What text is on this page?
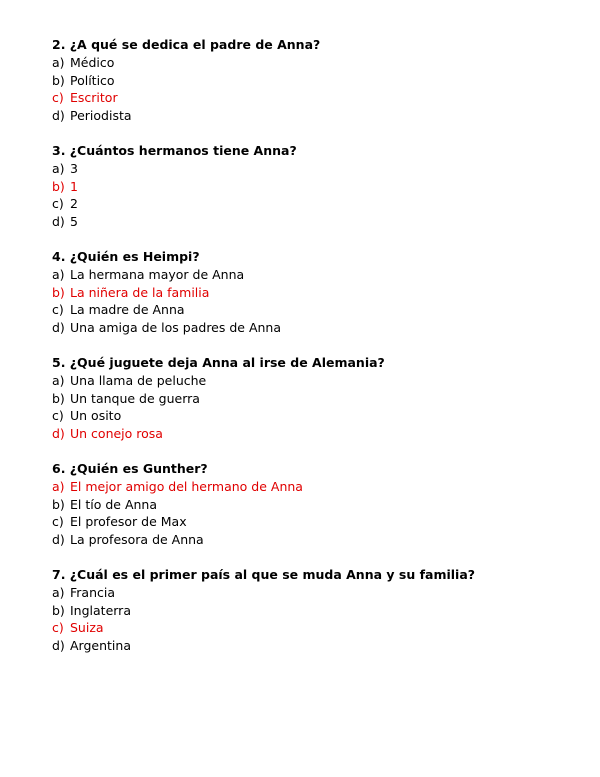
2. ¿A qué se dedica el padre de Anna?
a) Médico
b) Político
c) Escritor
d) Periodista
3. ¿Cuántos hermanos tiene Anna?
a) 3
b) 1
c) 2
d) 5
4. ¿Quién es Heimpi?
a) La hermana mayor de Anna
b) La niñera de la familia
c) La madre de Anna
d) Una amiga de los padres de Anna
5. ¿Qué juguete deja Anna al irse de Alemania?
a) Una llama de peluche
b) Un tanque de guerra
c) Un osito
d) Un conejo rosa
6. ¿Quién es Gunther?
a) El mejor amigo del hermano de Anna
b) El tío de Anna
c) El profesor de Max
d) La profesora de Anna
7. ¿Cuál es el primer país al que se muda Anna y su familia?
a) Francia
b) Inglaterra
c) Suiza
d) Argentina
